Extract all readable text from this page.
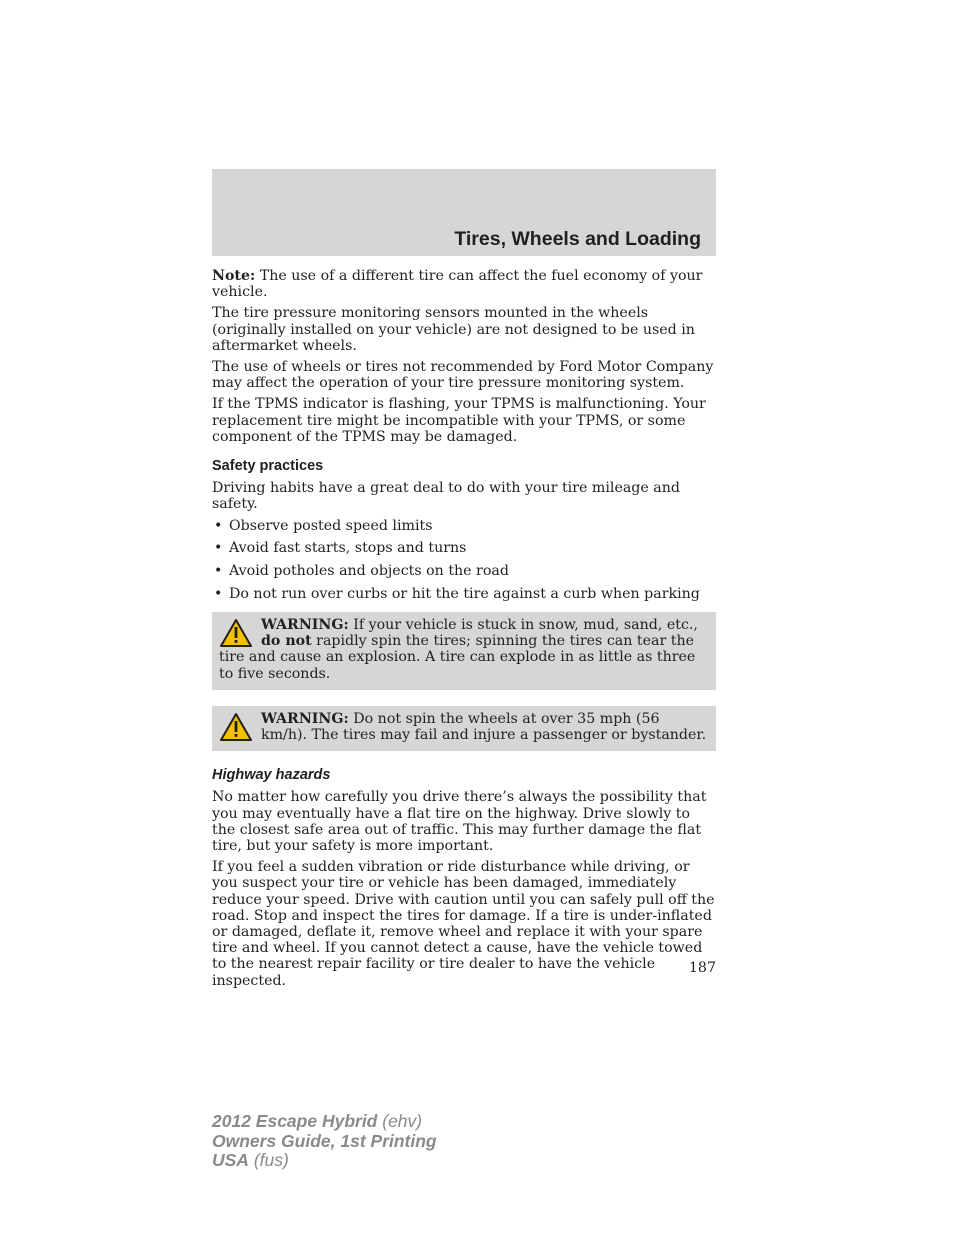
Tires, Wheels and Loading

Note: The use of a different tire can affect the fuel economy of your vehicle.

The tire pressure monitoring sensors mounted in the wheels (originally installed on your vehicle) are not designed to be used in aftermarket wheels.

The use of wheels or tires not recommended by Ford Motor Company may affect the operation of your tire pressure monitoring system.

If the TPMS indicator is flashing, your TPMS is malfunctioning. Your replacement tire might be incompatible with your TPMS, or some component of the TPMS may be damaged.

Safety practices

Driving habits have a great deal to do with your tire mileage and safety.

• Observe posted speed limits
• Avoid fast starts, stops and turns
• Avoid potholes and objects on the road
• Do not run over curbs or hit the tire against a curb when parking
WARNING: If your vehicle is stuck in snow, mud, sand, etc., do not rapidly spin the tires; spinning the tires can tear the tire and cause an explosion. A tire can explode in as little as three to five seconds.
WARNING: Do not spin the wheels at over 35 mph (56 km/h). The tires may fail and injure a passenger or bystander.
Highway hazards

No matter how carefully you drive there’s always the possibility that you may eventually have a flat tire on the highway. Drive slowly to the closest safe area out of traffic. This may further damage the flat tire, but your safety is more important.

If you feel a sudden vibration or ride disturbance while driving, or you suspect your tire or vehicle has been damaged, immediately reduce your speed. Drive with caution until you can safely pull off the road. Stop and inspect the tires for damage. If a tire is under-inflated or damaged, deflate it, remove wheel and replace it with your spare tire and wheel. If you cannot detect a cause, have the vehicle towed to the nearest repair facility or tire dealer to have the vehicle inspected.

187
2012 Escape Hybrid (ehv)
Owners Guide, 1st Printing
USA (fus)
